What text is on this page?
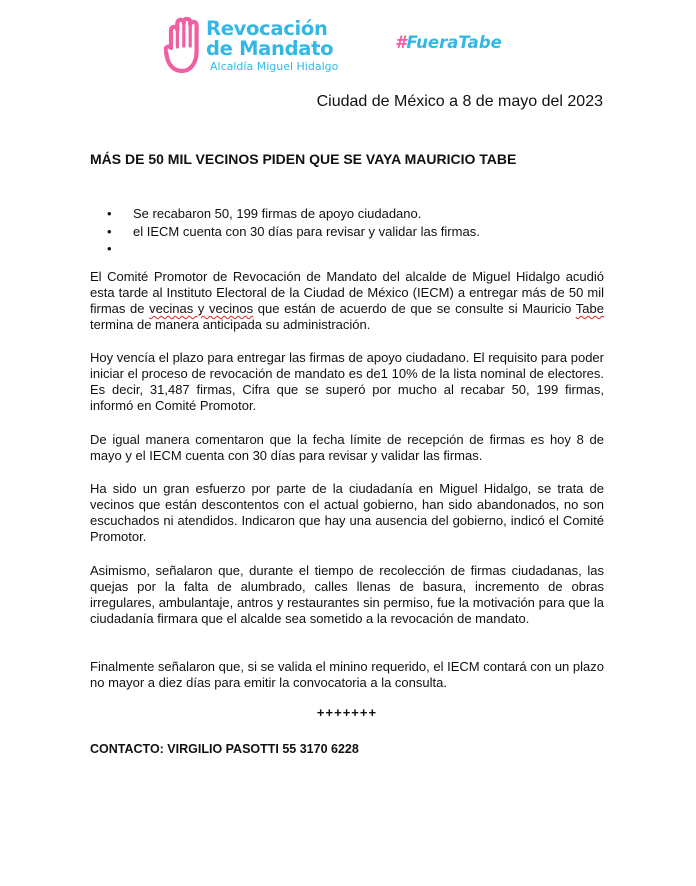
Revocación
de Mandato
Alcaldía Miguel Hidalgo
#FueraTabe
Ciudad de México a 8 de mayo del 2023
MÁS DE 50 MIL VECINOS PIDEN QUE SE VAYA MAURICIO TABE
• Se recabaron 50, 199 firmas de apoyo ciudadano.
• el IECM cuenta con 30 días para revisar y validar las firmas.
•

El Comité Promotor de Revocación de Mandato del alcalde de Miguel Hidalgo acudió esta tarde al Instituto Electoral de la Ciudad de México (IECM) a entregar más de 50 mil firmas de vecinas y vecinos que están de acuerdo de que se consulte si Mauricio Tabe termina de manera anticipada su administración.

Hoy vencía el plazo para entregar las firmas de apoyo ciudadano. El requisito para poder iniciar el proceso de revocación de mandato es de1 10% de la lista nominal de electores. Es decir, 31,487 firmas, Cifra que se superó por mucho al recabar 50, 199 firmas, informó en Comité Promotor.

De igual manera comentaron que la fecha límite de recepción de firmas es hoy 8 de mayo y el IECM cuenta con 30 días para revisar y validar las firmas.

Ha sido un gran esfuerzo por parte de la ciudadanía en Miguel Hidalgo, se trata de vecinos que están descontentos con el actual gobierno, han sido abandonados, no son escuchados ni atendidos. Indicaron que hay una ausencia del gobierno, indicó el Comité Promotor.

Asimismo, señalaron que, durante el tiempo de recolección de firmas ciudadanas, las quejas por la falta de alumbrado, calles llenas de basura, incremento de obras irregulares, ambulantaje, antros y restaurantes sin permiso, fue la motivación para que la ciudadanía firmara que el alcalde sea sometido a la revocación de mandato.

Finalmente señalaron que, si se valida el minino requerido, el IECM contará con un plazo no mayor a diez días para emitir la convocatoria a la consulta.

+++++++
CONTACTO: VIRGILIO PASOTTI 55 3170 6228
